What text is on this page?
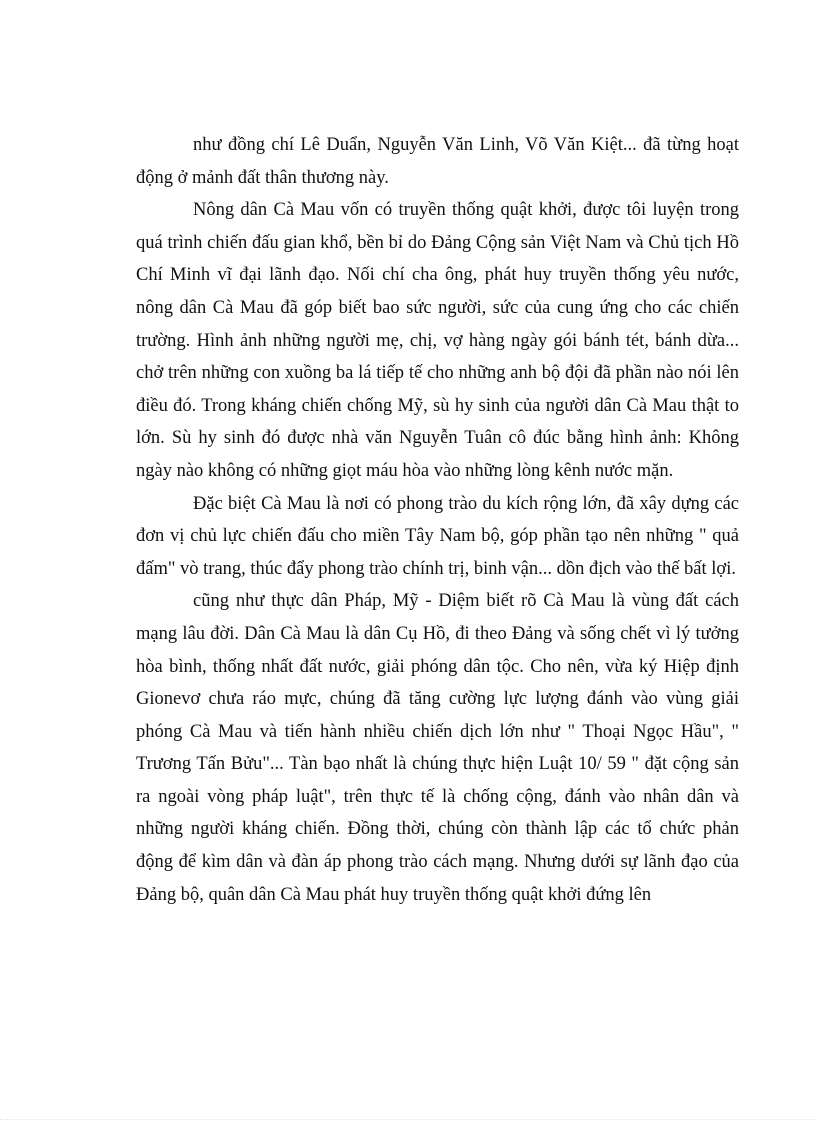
như đồng chí Lê Duẩn, Nguyễn Văn Linh, Võ Văn Kiệt... đã từng hoạt động ở mảnh đất thân thương này.

Nông dân Cà Mau vốn có truyền thống quật khởi, được tôi luyện trong quá trình chiến đấu gian khổ, bền bỉ do Đảng Cộng sản Việt Nam và Chủ tịch Hồ Chí Minh vĩ đại lãnh đạo. Nối chí cha ông, phát huy truyền thống yêu nước, nông dân Cà Mau đã góp biết bao sức người, sức của cung ứng cho các chiến trường. Hình ảnh những người mẹ, chị, vợ hàng ngày gói bánh tét, bánh dừa... chở trên những con xuồng ba lá tiếp tế cho những anh bộ đội đã phần nào nói lên điều đó. Trong kháng chiến chống Mỹ, sù hy sinh của người dân Cà Mau thật to lớn. Sù hy sinh đó được nhà văn Nguyễn Tuân cô đúc bằng hình ảnh: Không ngày nào không có những giọt máu hòa vào những lòng kênh nước mặn.

Đặc biệt Cà Mau là nơi có phong trào du kích rộng lớn, đã xây dựng các đơn vị chủ lực chiến đấu cho miền Tây Nam bộ, góp phần tạo nên những " quả đấm" vò trang, thúc đẩy phong trào chính trị, binh vận... dồn địch vào thế bất lợi.

cũng như thực dân Pháp, Mỹ - Diệm biết rõ Cà Mau là vùng đất cách mạng lâu đời. Dân Cà Mau là dân Cụ Hồ, đi theo Đảng và sống chết vì lý tưởng hòa bình, thống nhất đất nước, giải phóng dân tộc. Cho nên, vừa ký Hiệp định Gionevơ chưa ráo mực, chúng đã tăng cường lực lượng đánh vào vùng giải phóng Cà Mau và tiến hành nhiều chiến dịch lớn như " Thoại Ngọc Hầu", " Trương Tấn Bửu"... Tàn bạo nhất là chúng thực hiện Luật 10/ 59 " đặt cộng sản ra ngoài vòng pháp luật", trên thực tế là chống cộng, đánh vào nhân dân và những người kháng chiến. Đồng thời, chúng còn thành lập các tổ chức phản động để kìm dân và đàn áp phong trào cách mạng. Nhưng dưới sự lãnh đạo của Đảng bộ, quân dân Cà Mau phát huy truyền thống quật khởi đứng lên
